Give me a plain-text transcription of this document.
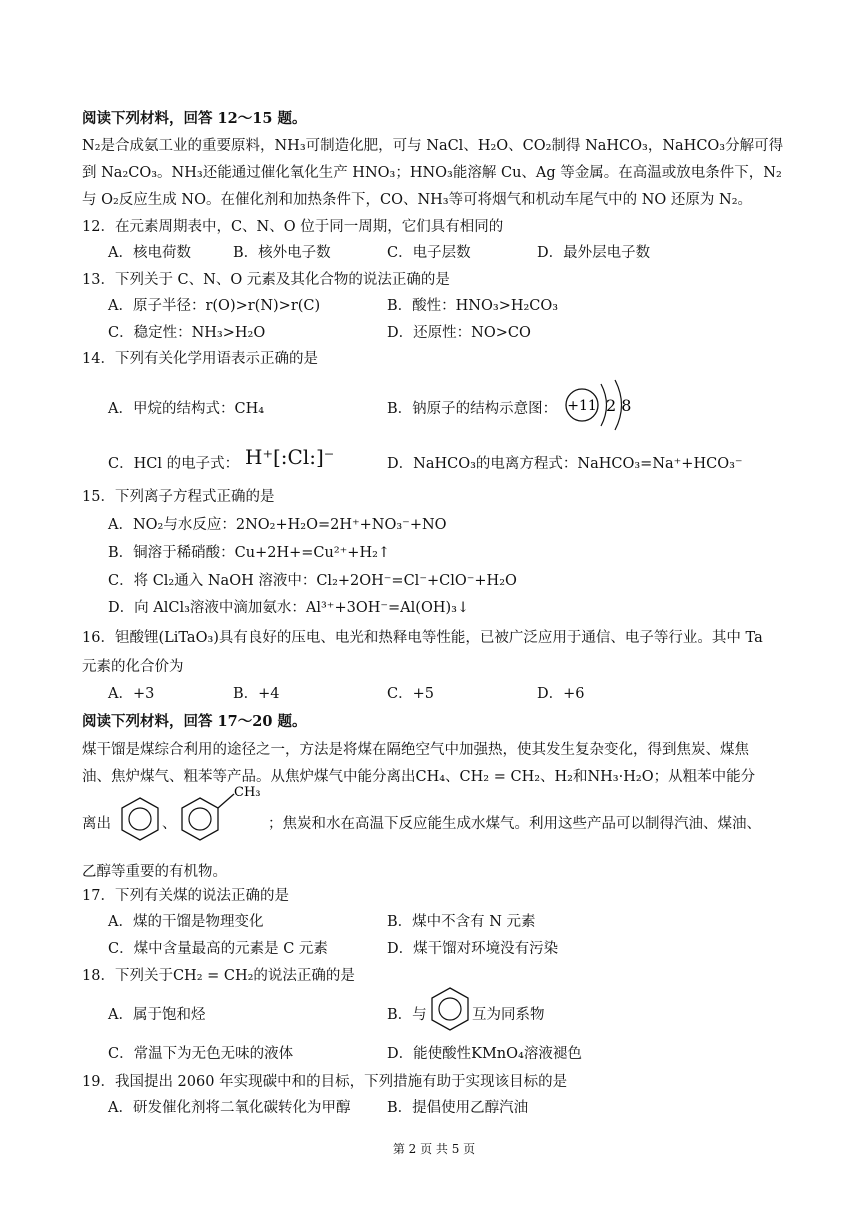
阅读下列材料，回答 12～15 题。
N₂是合成氨工业的重要原料，NH₃可制造化肥，可与 NaCl、H₂O、CO₂制得 NaHCO₃，NaHCO₃分解可得
到 Na₂CO₃。NH₃还能通过催化氧化生产 HNO₃；HNO₃能溶解 Cu、Ag 等金属。在高温或放电条件下，N₂
与 O₂反应生成 NO。在催化剂和加热条件下，CO、NH₃等可将烟气和机动车尾气中的 NO 还原为 N₂。
12．在元素周期表中，C、N、O 位于同一周期，它们具有相同的
A．核电荷数	B．核外电子数	C．电子层数	D．最外层电子数
13．下列关于 C、N、O 元素及其化合物的说法正确的是
A．原子半径：r(O)>r(N)>r(C)	B．酸性：HNO₃>H₂CO₃
C．稳定性：NH₃>H₂O	D．还原性：NO>CO
14．下列有关化学用语表示正确的是
A．甲烷的结构式：CH₄	B．钠原子的结构示意图： +11 2 8
C．HCl 的电子式： H⁺[:Cl:]⁻	D．NaHCO₃的电离方程式：NaHCO₃=Na⁺+HCO₃⁻
15．下列离子方程式正确的是
A．NO₂与水反应：2NO₂+H₂O=2H⁺+NO₃⁻+NO
B．铜溶于稀硝酸：Cu+2H+=Cu²⁺+H₂↑
C．将 Cl₂通入 NaOH 溶液中：Cl₂+2OH⁻=Cl⁻+ClO⁻+H₂O
D．向 AlCl₃溶液中滴加氨水：Al³⁺+3OH⁻=Al(OH)₃↓
16．钽酸锂(LiTaO₃)具有良好的压电、电光和热释电等性能，已被广泛应用于通信、电子等行业。其中 Ta
元素的化合价为
A．+3	B．+4	C．+5	D．+6
阅读下列材料，回答 17～20 题。
煤干馏是煤综合利用的途径之一，方法是将煤在隔绝空气中加强热，使其发生复杂变化，得到焦炭、煤焦
油、焦炉煤气、粗苯等产品。从焦炉煤气中能分离出CH₄、CH₂ = CH₂、H₂和NH₃·H₂O；从粗苯中能分
离出	、
CH₃
；焦炭和水在高温下反应能生成水煤气。利用这些产品可以制得汽油、煤油、
乙醇等重要的有机物。
17．下列有关煤的说法正确的是
A．煤的干馏是物理变化	B．煤中不含有 N 元素
C．煤中含量最高的元素是 C 元素	D．煤干馏对环境没有污染
18．下列关于CH₂ = CH₂的说法正确的是
A．属于饱和烃	B．与	互为同系物
C．常温下为无色无味的液体	D．能使酸性KMnO₄溶液褪色
19．我国提出 2060 年实现碳中和的目标，下列措施有助于实现该目标的是
A．研发催化剂将二氧化碳转化为甲醇	B．提倡使用乙醇汽油
第 2 页 共 5 页
